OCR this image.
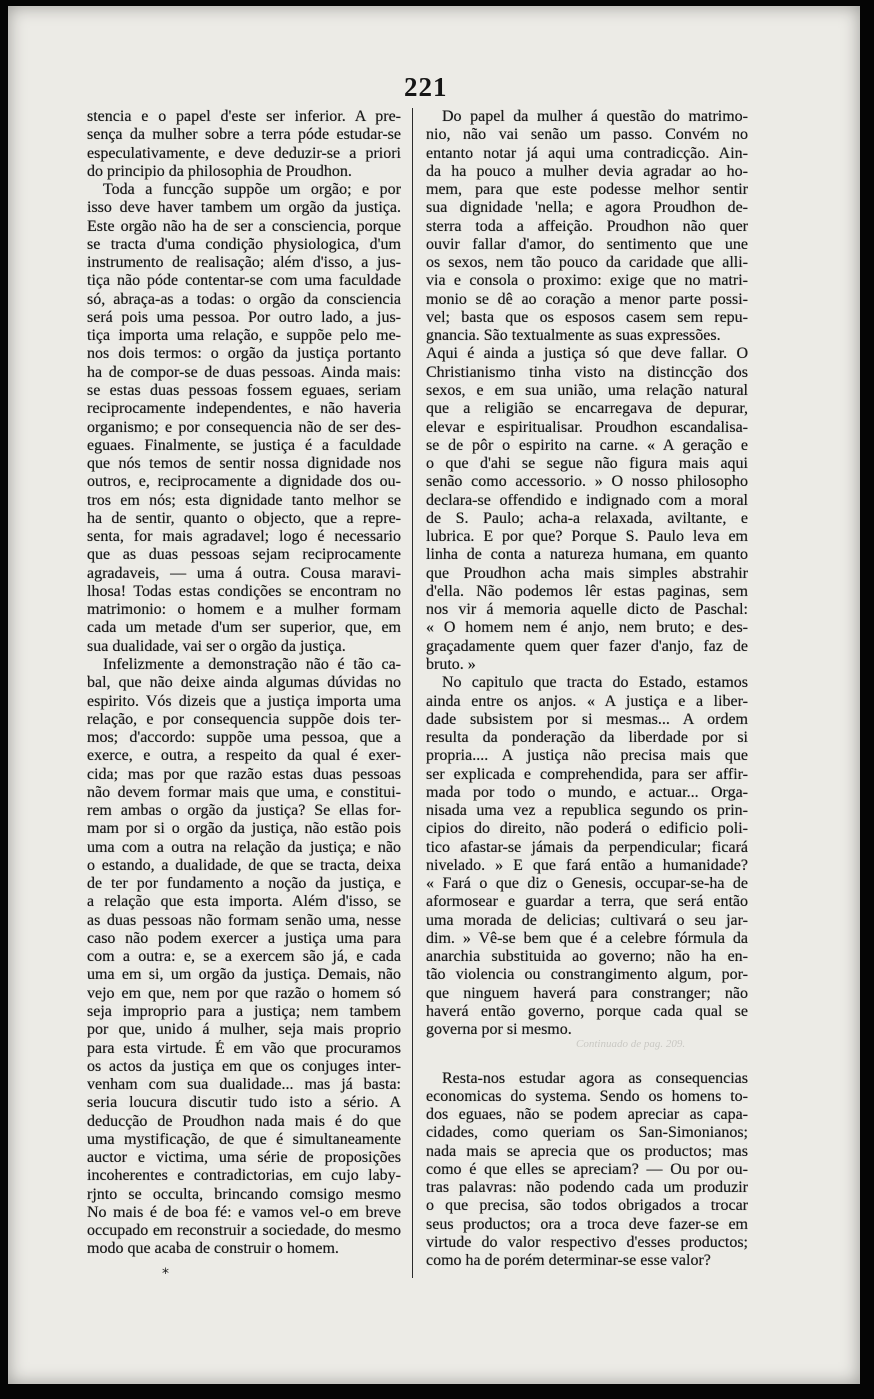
221
stencia e o papel d'este ser inferior. A pre-
sença da mulher sobre a terra póde estudar-se
especulativamente, e deve deduzir-se a priori
do principio da philosophia de Proudhon.
Toda a funcção suppõe um orgão; e por
isso deve haver tambem um orgão da justiça.
Este orgão não ha de ser a consciencia, porque
se tracta d'uma condição physiologica, d'um
instrumento de realisação; além d'isso, a jus-
tiça não póde contentar-se com uma faculdade
só, abraça-as a todas: o orgão da consciencia
será pois uma pessoa. Por outro lado, a jus-
tiça importa uma relação, e suppõe pelo me-
nos dois termos: o orgão da justiça portanto
ha de compor-se de duas pessoas. Ainda mais:
se estas duas pessoas fossem eguaes, seriam
reciprocamente independentes, e não haveria
organismo; e por consequencia não de ser des-
eguaes. Finalmente, se justiça é a faculdade
que nós temos de sentir nossa dignidade nos
outros, e, reciprocamente a dignidade dos ou-
tros em nós; esta dignidade tanto melhor se
ha de sentir, quanto o objecto, que a repre-
senta, for mais agradavel; logo é necessario
que as duas pessoas sejam reciprocamente
agradaveis, — uma á outra. Cousa maravi-
lhosa! Todas estas condições se encontram no
matrimonio: o homem e a mulher formam
cada um metade d'um ser superior, que, em
sua dualidade, vai ser o orgão da justiça.
Infelizmente a demonstração não é tão ca-
bal, que não deixe ainda algumas dúvidas no
espirito. Vós dizeis que a justiça importa uma
relação, e por consequencia suppõe dois ter-
mos; d'accordo: suppõe uma pessoa, que a
exerce, e outra, a respeito da qual é exer-
cida; mas por que razão estas duas pessoas
não devem formar mais que uma, e constitui-
rem ambas o orgão da justiça? Se ellas for-
mam por si o orgão da justiça, não estão pois
uma com a outra na relação da justiça; e não
o estando, a dualidade, de que se tracta, deixa
de ter por fundamento a noção da justiça, e
a relação que esta importa. Além d'isso, se
as duas pessoas não formam senão uma, nesse
caso não podem exercer a justiça uma para
com a outra: e, se a exercem são já, e cada
uma em si, um orgão da justiça. Demais, não
vejo em que, nem por que razão o homem só
seja improprio para a justiça; nem tambem
por que, unido á mulher, seja mais proprio
para esta virtude. É em vão que procuramos
os actos da justiça em que os conjuges inter-
venham com sua dualidade... mas já basta:
seria loucura discutir tudo isto a sério. A
deducção de Proudhon nada mais é do que
uma mystificação, de que é simultaneamente
auctor e victima, uma série de proposições
incoherentes e contradictorias, em cujo laby-
rjnto se occulta, brincando comsigo mesmo
No mais é de boa fé: e vamos vel-o em breve
occupado em reconstruir a sociedade, do mesmo
modo que acaba de construir o homem.
Do papel da mulher á questão do matrimo-
nio, não vai senão um passo. Convém no
entanto notar já aqui uma contradicção. Ain-
da ha pouco a mulher devia agradar ao ho-
mem, para que este podesse melhor sentir
sua dignidade 'nella; e agora Proudhon de-
sterra toda a affeição. Proudhon não quer
ouvir fallar d'amor, do sentimento que une
os sexos, nem tão pouco da caridade que alli-
via e consola o proximo: exige que no matri-
monio se dê ao coração a menor parte possi-
vel; basta que os esposos casem sem repu-
gnancia. São textualmente as suas expressões.
Aqui é ainda a justiça só que deve fallar. O
Christianismo tinha visto na distincção dos
sexos, e em sua união, uma relação natural
que a religião se encarregava de depurar,
elevar e espiritualisar. Proudhon escandalisa-
se de pôr o espirito na carne. « A geração e
o que d'ahi se segue não figura mais aqui
senão como accessorio. » O nosso philosopho
declara-se offendido e indignado com a moral
de S. Paulo; acha-a relaxada, aviltante, e
lubrica. E por que? Porque S. Paulo leva em
linha de conta a natureza humana, em quanto
que Proudhon acha mais simples abstrahir
d'ella. Não podemos lêr estas paginas, sem
nos vir á memoria aquelle dicto de Paschal:
« O homem nem é anjo, nem bruto; e des-
graçadamente quem quer fazer d'anjo, faz de
bruto. »
No capitulo que tracta do Estado, estamos
ainda entre os anjos. « A justiça e a liber-
dade subsistem por si mesmas... A ordem
resulta da ponderação da liberdade por si
propria.... A justiça não precisa mais que
ser explicada e comprehendida, para ser affir-
mada por todo o mundo, e actuar... Orga-
nisada uma vez a republica segundo os prin-
cipios do direito, não poderá o edificio poli-
tico afastar-se jámais da perpendicular; ficará
nivelado. » E que fará então a humanidade?
« Fará o que diz o Genesis, occupar-se-ha de
aformosear e guardar a terra, que será então
uma morada de delicias; cultivará o seu jar-
dim. » Vê-se bem que é a celebre fórmula da
anarchia substituida ao governo; não ha en-
tão violencia ou constrangimento algum, por-
que ninguem haverá para constranger; não
haverá então governo, porque cada qual se
governa por si mesmo.
Resta-nos estudar agora as consequencias
economicas do systema. Sendo os homens to-
dos eguaes, não se podem apreciar as capa-
cidades, como queriam os San-Simonianos;
nada mais se aprecia que os productos; mas
como é que elles se apreciam? — Ou por ou-
tras palavras: não podendo cada um produzir
o que precisa, são todos obrigados a trocar
seus productos; ora a troca deve fazer-se em
virtude do valor respectivo d'esses productos;
como ha de porém determinar-se esse valor?
Continuado de pag. 209.
*
